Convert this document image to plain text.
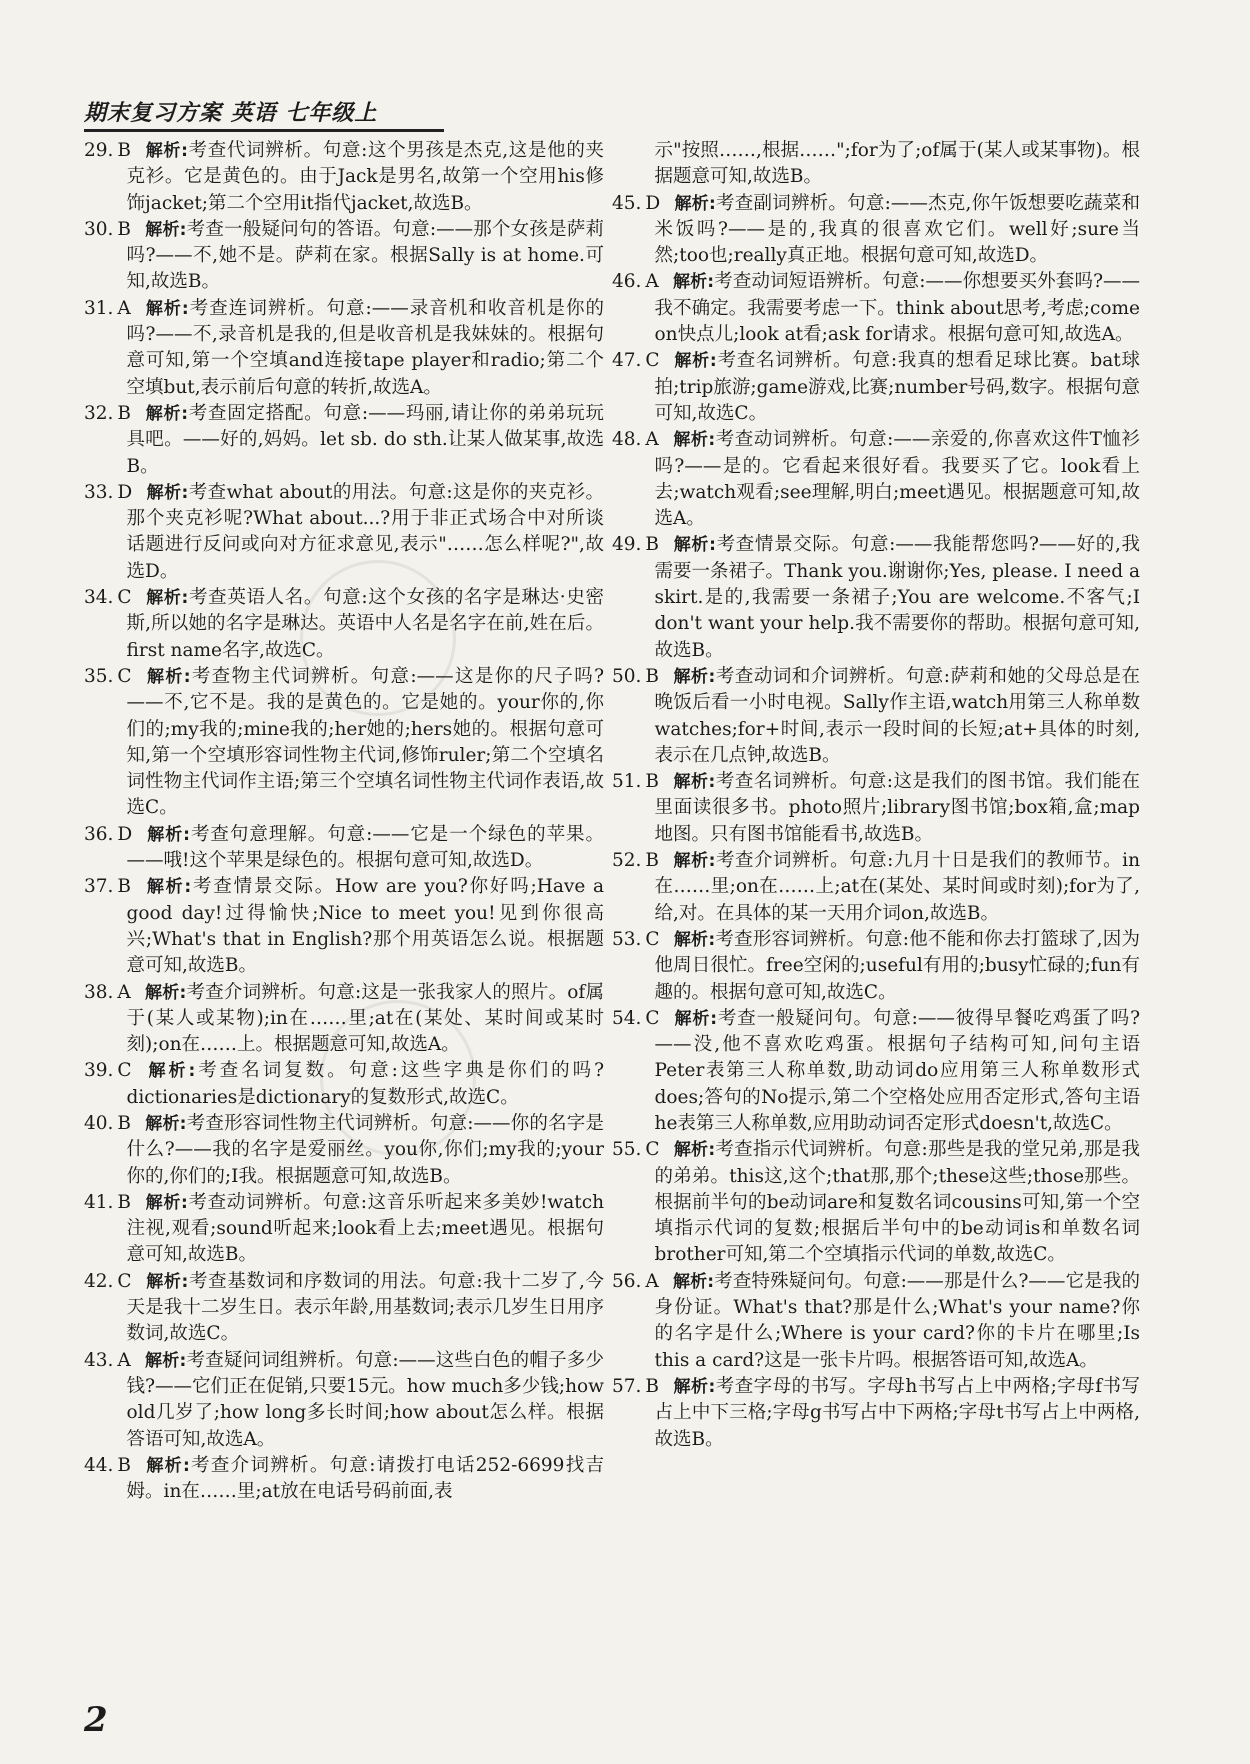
期末复习方案 英语 七年级上

29. B 解析:考查代词辨析。句意:这个男孩是杰克,这是他的夹克衫。它是黄色的。由于Jack是男名,故第一个空用his修饰jacket;第二个空用it指代jacket,故选B。

30. B 解析:考查一般疑问句的答语。句意:——那个女孩是萨莉吗?——不,她不是。萨莉在家。根据Sally is at home.可知,故选B。

31. A 解析:考查连词辨析。句意:——录音机和收音机是你的吗?——不,录音机是我的,但是收音机是我妹妹的。根据句意可知,第一个空填and连接tape player和radio;第二个空填but,表示前后句意的转折,故选A。

32. B 解析:考查固定搭配。句意:——玛丽,请让你的弟弟玩玩具吧。——好的,妈妈。let sb. do sth.让某人做某事,故选B。

33. D 解析:考查what about的用法。句意:这是你的夹克衫。那个夹克衫呢?What about...?用于非正式场合中对所谈话题进行反问或向对方征求意见,表示"……怎么样呢?",故选D。

34. C 解析:考查英语人名。句意:这个女孩的名字是琳达·史密斯,所以她的名字是琳达。英语中人名是名字在前,姓在后。first name名字,故选C。

35. C 解析:考查物主代词辨析。句意:——这是你的尺子吗?——不,它不是。我的是黄色的。它是她的。your你的,你们的;my我的;mine我的;her她的;hers她的。根据句意可知,第一个空填形容词性物主代词,修饰ruler;第二个空填名词性物主代词作主语;第三个空填名词性物主代词作表语,故选C。

36. D 解析:考查句意理解。句意:——它是一个绿色的苹果。——哦!这个苹果是绿色的。根据句意可知,故选D。

37. B 解析:考查情景交际。How are you?你好吗;Have a good day!过得愉快;Nice to meet you!见到你很高兴;What's that in English?那个用英语怎么说。根据题意可知,故选B。

38. A 解析:考查介词辨析。句意:这是一张我家人的照片。of属于(某人或某物);in在……里;at在(某处、某时间或某时刻);on在……上。根据题意可知,故选A。

39. C 解析:考查名词复数。句意:这些字典是你们的吗?dictionaries是dictionary的复数形式,故选C。

40. B 解析:考查形容词性物主代词辨析。句意:——你的名字是什么?——我的名字是爱丽丝。you你,你们;my我的;your你的,你们的;I我。根据题意可知,故选B。

41. B 解析:考查动词辨析。句意:这音乐听起来多美妙!watch注视,观看;sound听起来;look看上去;meet遇见。根据句意可知,故选B。

42. C 解析:考查基数词和序数词的用法。句意:我十二岁了,今天是我十二岁生日。表示年龄,用基数词;表示几岁生日用序数词,故选C。

43. A 解析:考查疑问词组辨析。句意:——这些白色的帽子多少钱?——它们正在促销,只要15元。how much多少钱;how old几岁了;how long多长时间;how about怎么样。根据答语可知,故选A。

44. B 解析:考查介词辨析。句意:请拨打电话252-6699找吉姆。in在……里;at放在电话号码前面,表

示"按照……,根据……";for为了;of属于(某人或某事物)。根据题意可知,故选B。

45. D 解析:考查副词辨析。句意:——杰克,你午饭想要吃蔬菜和米饭吗?——是的,我真的很喜欢它们。well好;sure当然;too也;really真正地。根据句意可知,故选D。

46. A 解析:考查动词短语辨析。句意:——你想要买外套吗?——我不确定。我需要考虑一下。think about思考,考虑;come on快点儿;look at看;ask for请求。根据句意可知,故选A。

47. C 解析:考查名词辨析。句意:我真的想看足球比赛。bat球拍;trip旅游;game游戏,比赛;number号码,数字。根据句意可知,故选C。

48. A 解析:考查动词辨析。句意:——亲爱的,你喜欢这件T恤衫吗?——是的。它看起来很好看。我要买了它。look看上去;watch观看;see理解,明白;meet遇见。根据题意可知,故选A。

49. B 解析:考查情景交际。句意:——我能帮您吗?——好的,我需要一条裙子。Thank you.谢谢你;Yes, please. I need a skirt.是的,我需要一条裙子;You are welcome.不客气;I don't want your help.我不需要你的帮助。根据句意可知,故选B。

50. B 解析:考查动词和介词辨析。句意:萨莉和她的父母总是在晚饭后看一小时电视。Sally作主语,watch用第三人称单数watches;for+时间,表示一段时间的长短;at+具体的时刻,表示在几点钟,故选B。

51. B 解析:考查名词辨析。句意:这是我们的图书馆。我们能在里面读很多书。photo照片;library图书馆;box箱,盒;map地图。只有图书馆能看书,故选B。

52. B 解析:考查介词辨析。句意:九月十日是我们的教师节。in在……里;on在……上;at在(某处、某时间或时刻);for为了,给,对。在具体的某一天用介词on,故选B。

53. C 解析:考查形容词辨析。句意:他不能和你去打篮球了,因为他周日很忙。free空闲的;useful有用的;busy忙碌的;fun有趣的。根据句意可知,故选C。

54. C 解析:考查一般疑问句。句意:——彼得早餐吃鸡蛋了吗?——没,他不喜欢吃鸡蛋。根据句子结构可知,问句主语Peter表第三人称单数,助动词do应用第三人称单数形式does;答句的No提示,第二个空格处应用否定形式,答句主语he表第三人称单数,应用助动词否定形式doesn't,故选C。

55. C 解析:考查指示代词辨析。句意:那些是我的堂兄弟,那是我的弟弟。this这,这个;that那,那个;these这些;those那些。根据前半句的be动词are和复数名词cousins可知,第一个空填指示代词的复数;根据后半句中的be动词is和单数名词brother可知,第二个空填指示代词的单数,故选C。

56. A 解析:考查特殊疑问句。句意:——那是什么?——它是我的身份证。What's that?那是什么;What's your name?你的名字是什么;Where is your card?你的卡片在哪里;Is this a card?这是一张卡片吗。根据答语可知,故选A。

57. B 解析:考查字母的书写。字母h书写占上中两格;字母f书写占上中下三格;字母g书写占中下两格;字母t书写占上中两格,故选B。

2
